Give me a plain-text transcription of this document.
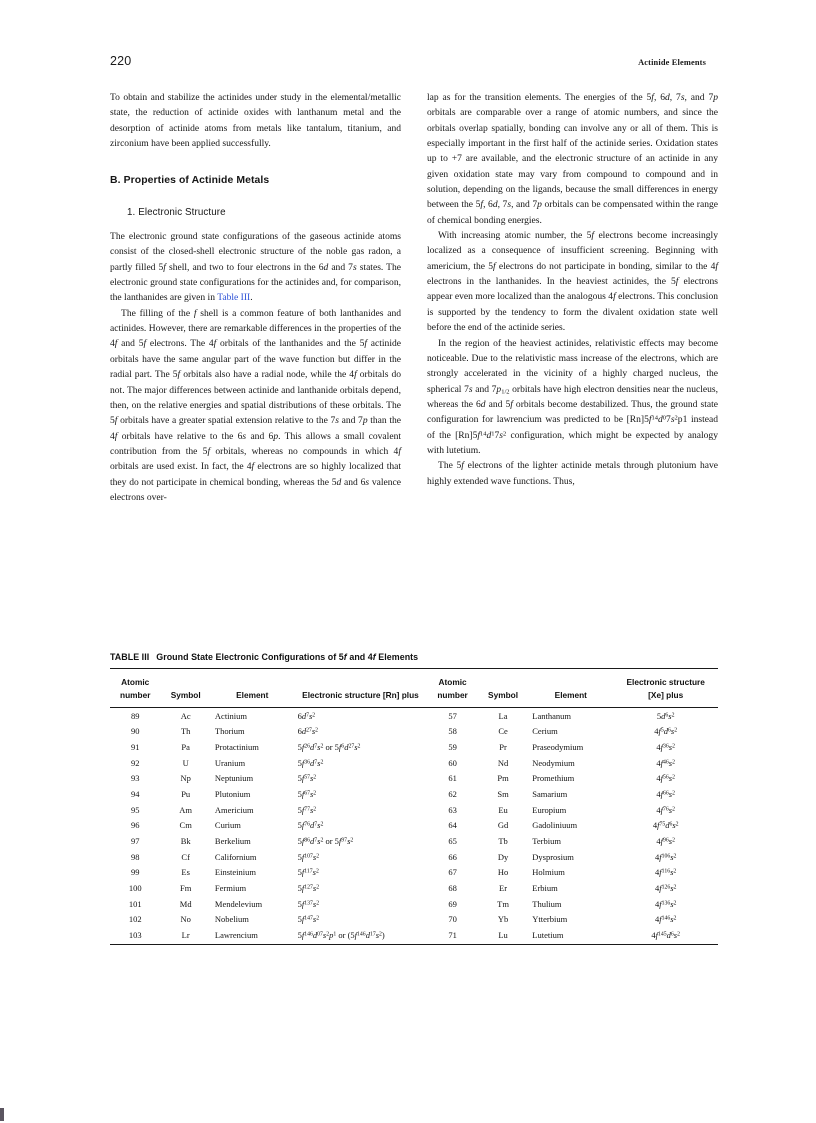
220	Actinide Elements

To obtain and stabilize the actinides under study in the elemental/metallic state, the reduction of actinide oxides with lanthanum metal and the desorption of actinide atoms from metals like tantalum, titanium, and zirconium have been applied successfully.

B. Properties of Actinide Metals
1. Electronic Structure

The electronic ground state configurations of the gaseous actinide atoms consist of the closed-shell electronic structure of the noble gas radon, a partly filled 5f shell, and two to four electrons in the 6d and 7s states. The electronic ground state configurations for the actinides and, for comparison, the lanthanides are given in Table III.

The filling of the f shell is a common feature of both lanthanides and actinides. However, there are remarkable differences in the properties of the 4f and 5f electrons. The 4f orbitals of the lanthanides and the 5f actinide orbitals have the same angular part of the wave function but differ in the radial part. The 5f orbitals also have a radial node, while the 4f orbitals do not. The major differences between actinide and lanthanide orbitals depend, then, on the relative energies and spatial distributions of these orbitals. The 5f orbitals have a greater spatial extension relative to the 7s and 7p than the 4f orbitals have relative to the 6s and 6p. This allows a small covalent contribution from the 5f orbitals, whereas no compounds in which 4f orbitals are used exist. In fact, the 4f electrons are so highly localized that they do not participate in chemical bonding, whereas the 5d and 6s valence electrons over-

lap as for the transition elements. The energies of the 5f, 6d, 7s, and 7p orbitals are comparable over a range of atomic numbers, and since the orbitals overlap spatially, bonding can involve any or all of them. This is especially important in the first half of the actinide series. Oxidation states up to +7 are available, and the electronic structure of an actinide in any given oxidation state may vary from compound to compound and in solution, depending on the ligands, because the small differences in energy between the 5f, 6d, 7s, and 7p orbitals can be compensated within the range of chemical bonding energies.

With increasing atomic number, the 5f electrons become increasingly localized as a consequence of insufficient screening. Beginning with americium, the 5f electrons do not participate in bonding, similar to the 4f electrons in the lanthanides. In the heaviest actinides, the 5f electrons appear even more localized than the analogous 4f electrons. This conclusion is supported by the tendency to form the divalent oxidation state well before the end of the actinide series.

In the region of the heaviest actinides, relativistic effects may become noticeable. Due to the relativistic mass increase of the electrons, which are strongly accelerated in the vicinity of a highly charged nucleus, the spherical 7s and $7p_{1/2}$ orbitals have high electron densities near the nucleus, whereas the 6d and 5f orbitals become destabilized. Thus, the ground state configuration for lawrencium was predicted to be $[Rn]5f^{14}d^07s^2p1$ instead of the $[Rn]5f^{14}d^17s^2$ configuration, which might be expected by analogy with lutetium.

The 5f electrons of the lighter actinide metals through plutonium have highly extended wave functions. Thus,

TABLE III Ground State Electronic Configurations of 5f and 4f Elements
Atomic
number	Symbol	Element	Electronic structure [Rn] plus	Atomic
number	Symbol	Element	Electronic structure
[Xe] plus
89	Ac	Actinium	$6d^7s^2$	57	La	Lanthanum	$5d^6s^2$
90	Th	Thorium	$6d^{27}s^2$	58	Ce	Cerium	$4f^5d^6s^2$
91	Pa	Protactinium	$5f^{26}d^7s^2$ or $5f^6d^{27}s^2$	59	Pr	Praseodymium	$4f^{36}s^2$
92	U	Uranium	$5f^{36}d^7s^2$	60	Nd	Neodymium	$4f^{46}s^2$
93	Np	Neptunium	$5f^{57}s^2$	61	Pm	Promethium	$4f^{56}s^2$
94	Pu	Plutonium	$5f^{67}s^2$	62	Sm	Samarium	$4f^{66}s^2$
95	Am	Americium	$5f^{77}s^2$	63	Eu	Europium	$4f^{76}s^2$
96	Cm	Curium	$5f^{76}d^7s^2$	64	Gd	Gadoliniuum	$4f^{75}d^6s^2$
97	Bk	Berkelium	$5f^{86}d^7s^2$ or $5f^{97}s^2$	65	Tb	Terbium	$4f^{96}s^2$
98	Cf	Californium	$5f^{107}s^2$	66	Dy	Dysprosium	$4f^{106}s^2$
99	Es	Einsteinium	$5f^{117}s^2$	67	Ho	Holmium	$4f^{116}s^2$
100	Fm	Fermium	$5f^{127}s^2$	68	Er	Erbium	$4f^{126}s^2$
101	Md	Mendelevium	$5f^{137}s^2$	69	Tm	Thulium	$4f^{136}s^2$
102	No	Nobelium	$5f^{147}s^2$	70	Yb	Ytterbium	$4f^{146}s^2$
103	Lr	Lawrencium	$5f^{146}d^{07}s^2p^1$ or $(5f^{146}d^{17}s^2)$	71	Lu	Lutetium	$4f^{145}d^6s^2$
